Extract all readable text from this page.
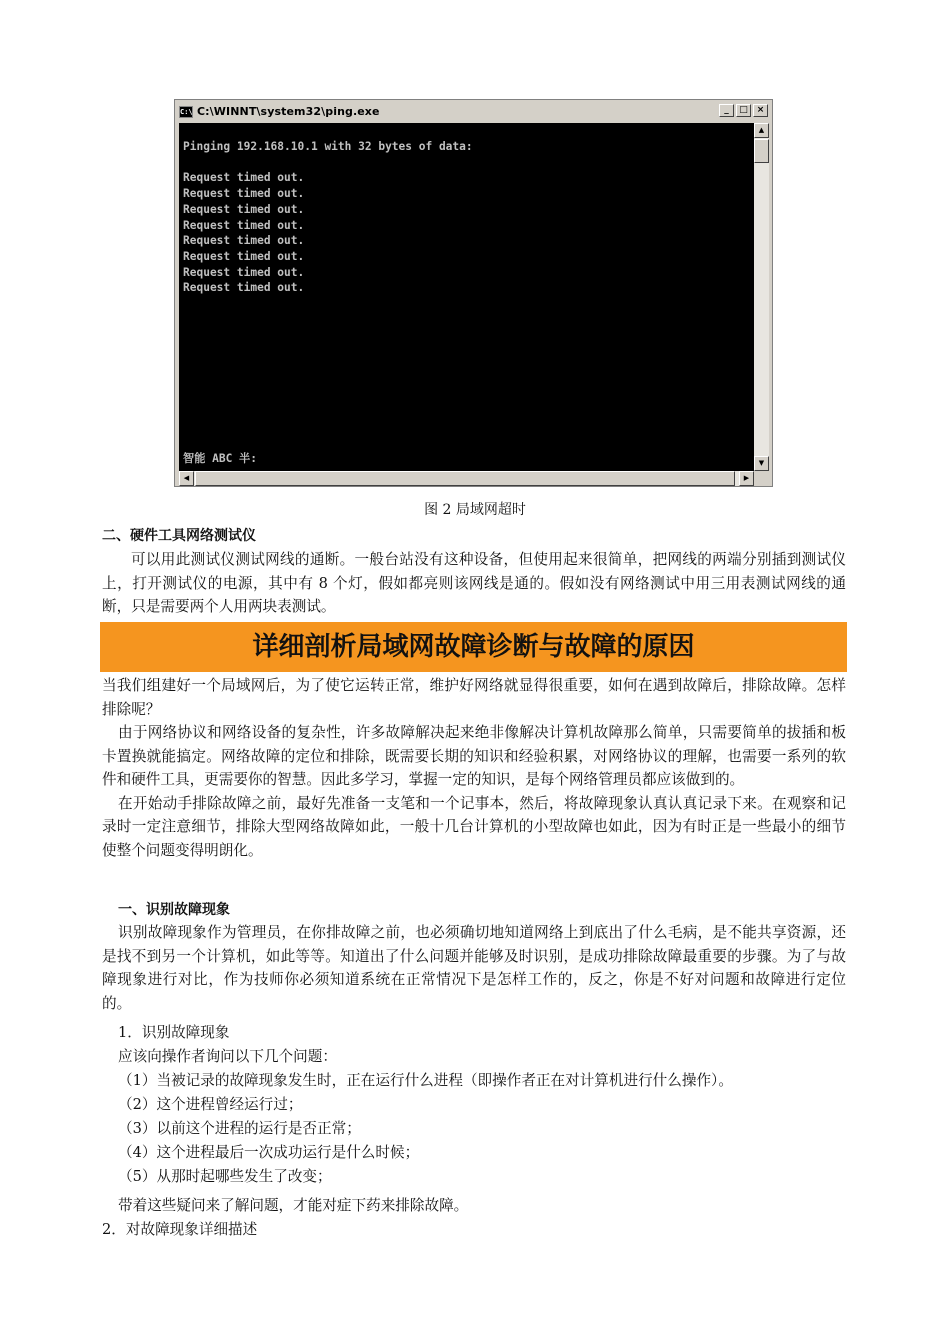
C:\ C:\WINNT\system32\ping.exe	_	□ ×
Pinging 192.168.10.1 with 32 bytes of data:

Request timed out.
Request timed out.
Request timed out.
Request timed out.
Request timed out.
Request timed out.
Request timed out.
Request timed out.
智能 ABC 半:
▲
▼
◀	▶
图 2 局域网超时
二、硬件工具网络测试仪
可以用此测试仪测试网线的通断。一般台站没有这种设备，但使用起来很简单，把网线的两端分别插到测试仪上，打开测试仪的电源，其中有 8 个灯，假如都亮则该网线是通的。假如没有网络测试中用三用表测试网线的通断，只是需要两个人用两块表测试。
详细剖析局域网故障诊断与故障的原因
当我们组建好一个局域网后，为了使它运转正常，维护好网络就显得很重要，如何在遇到故障后，排除故障。怎样排除呢？
由于网络协议和网络设备的复杂性，许多故障解决起来绝非像解决计算机故障那么简单，只需要简单的拔插和板卡置换就能搞定。网络故障的定位和排除，既需要长期的知识和经验积累，对网络协议的理解，也需要一系列的软件和硬件工具，更需要你的智慧。因此多学习，掌握一定的知识，是每个网络管理员都应该做到的。
在开始动手排除故障之前，最好先准备一支笔和一个记事本，然后，将故障现象认真认真记录下来。在观察和记录时一定注意细节，排除大型网络故障如此，一般十几台计算机的小型故障也如此，因为有时正是一些最小的细节使整个问题变得明朗化。
一、识别故障现象
识别故障现象作为管理员，在你排故障之前，也必须确切地知道网络上到底出了什么毛病，是不能共享资源，还是找不到另一个计算机，如此等等。知道出了什么问题并能够及时识别，是成功排除故障最重要的步骤。为了与故障现象进行对比，作为技师你必须知道系统在正常情况下是怎样工作的，反之，你是不好对问题和故障进行定位的。
1．识别故障现象
应该向操作者询问以下几个问题：
（1）当被记录的故障现象发生时，正在运行什么进程（即操作者正在对计算机进行什么操作）。
（2）这个进程曾经运行过；
（3）以前这个进程的运行是否正常；
（4）这个进程最后一次成功运行是什么时候；
（5）从那时起哪些发生了改变；
带着这些疑问来了解问题，才能对症下药来排除故障。
2．对故障现象详细描述
